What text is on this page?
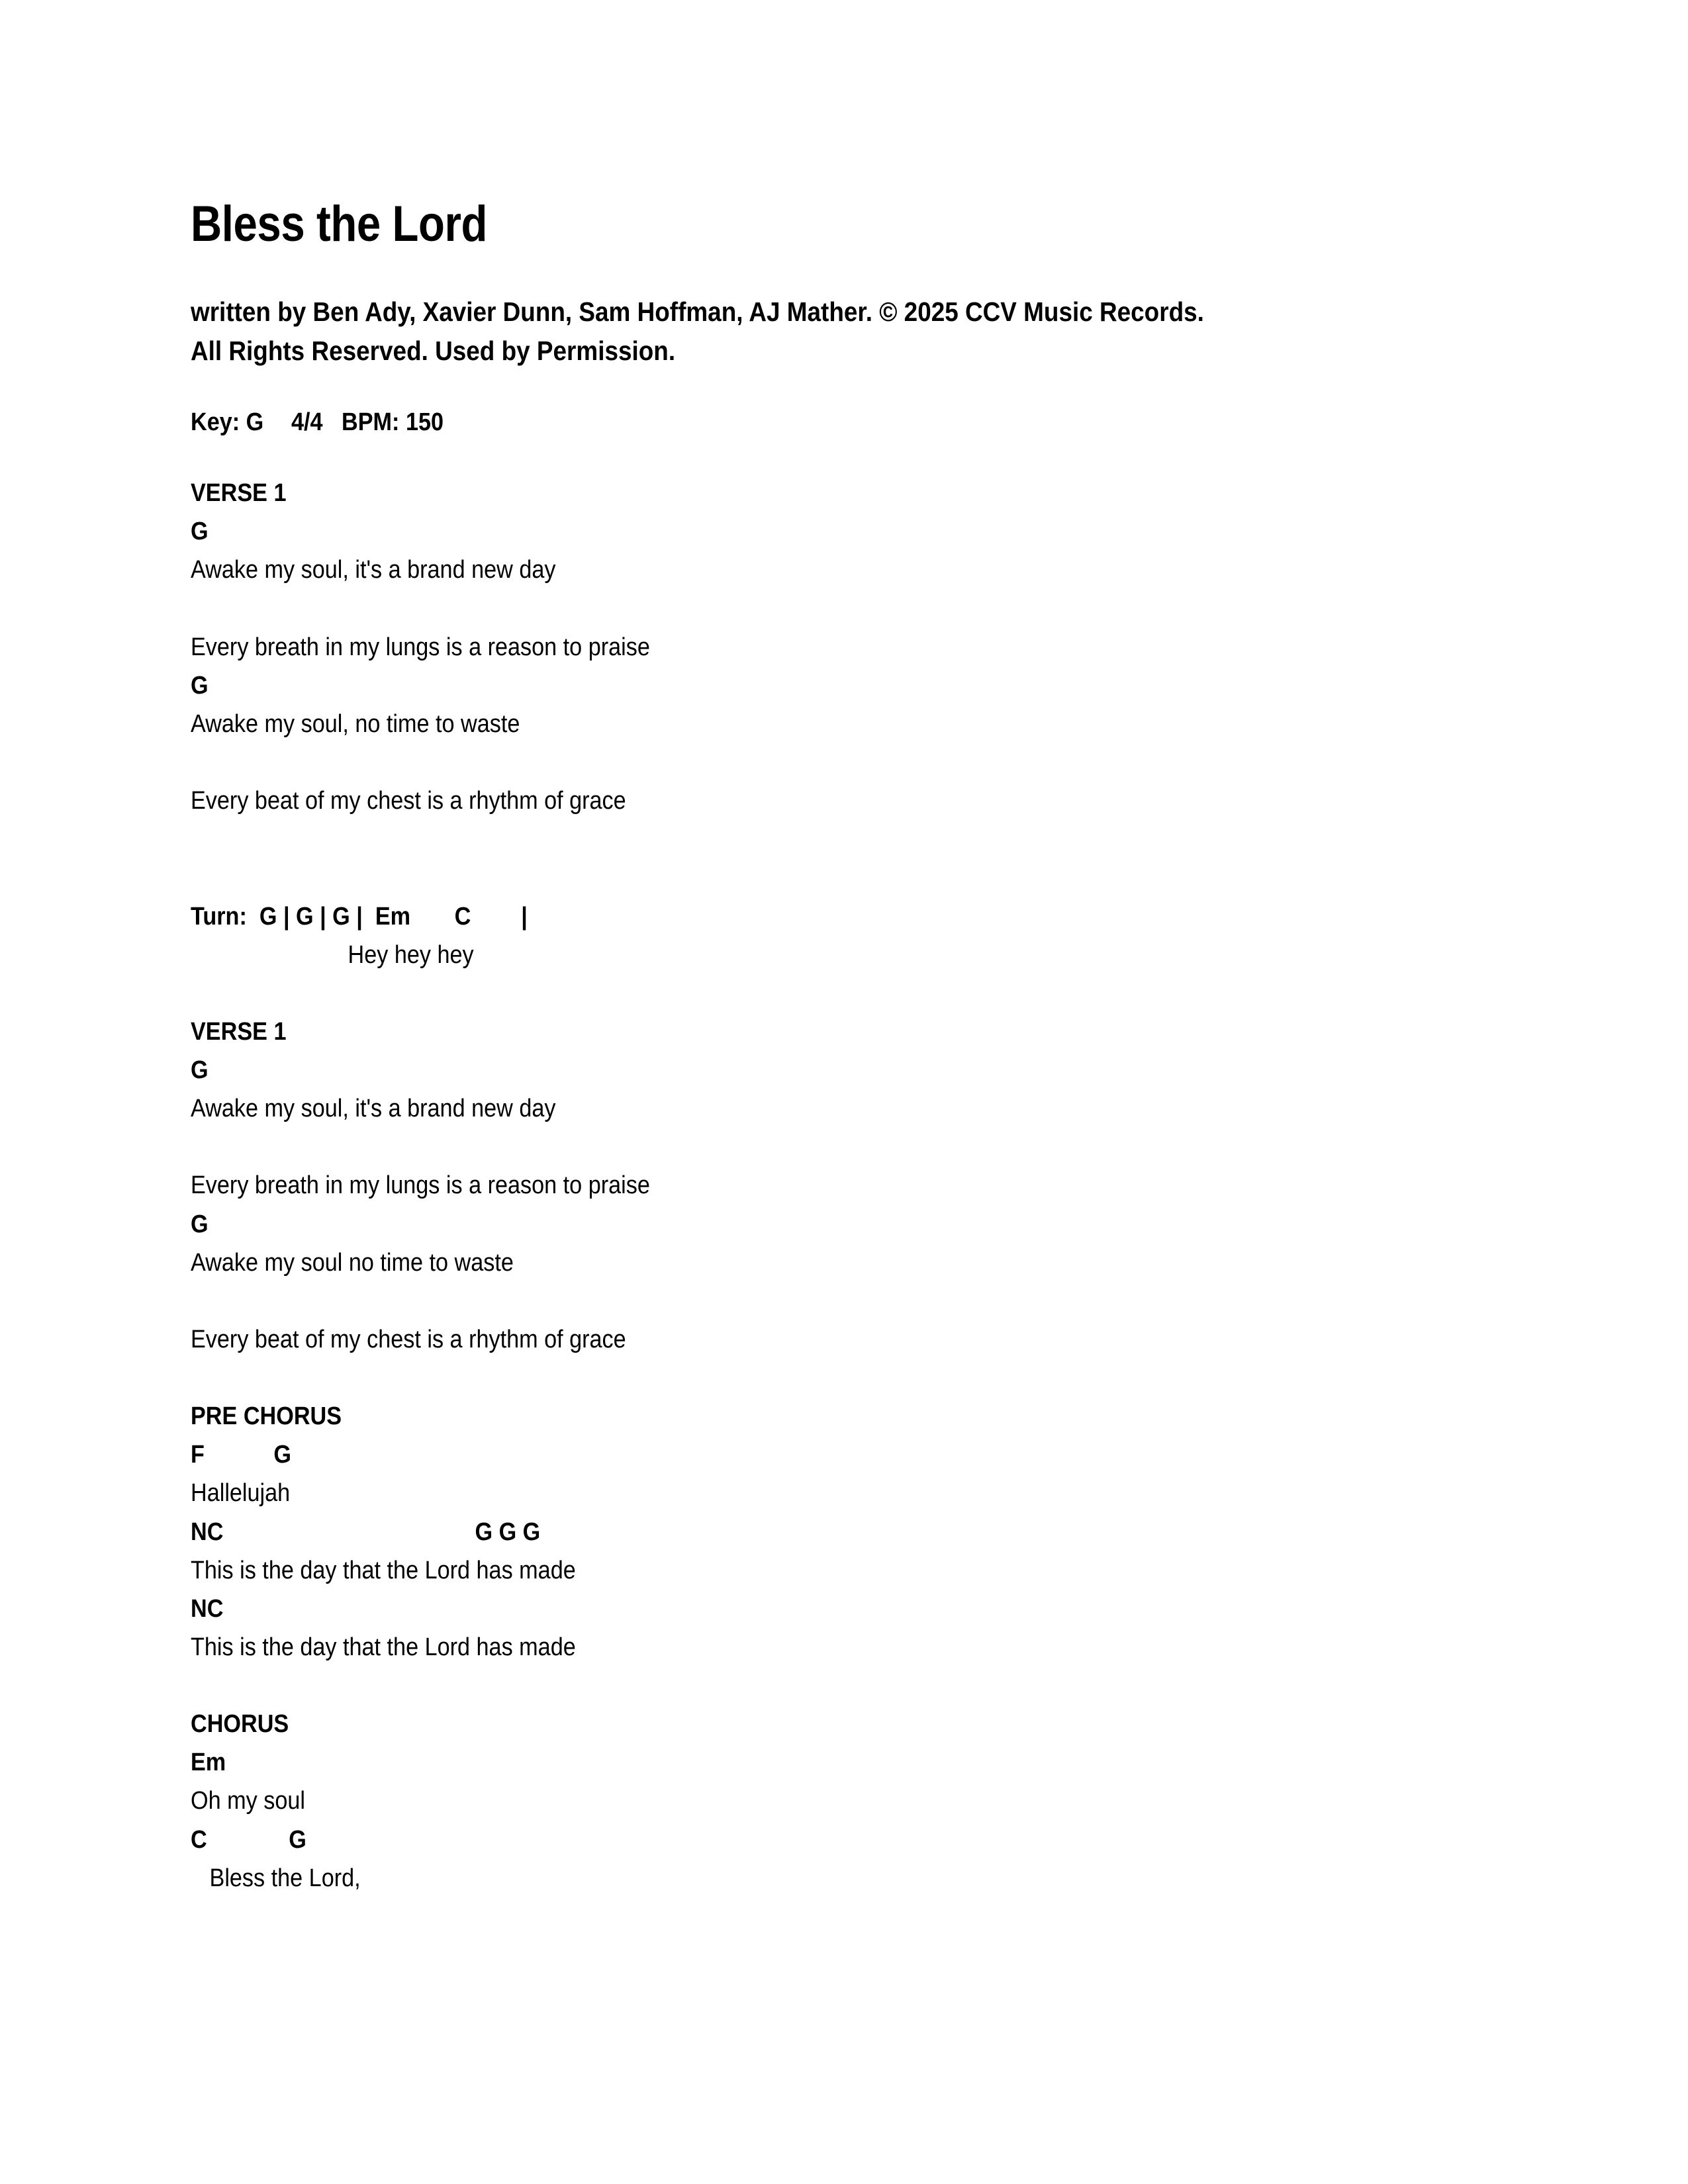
Bless the Lord

written by Ben Ady, Xavier Dunn, Sam Hoffman, AJ Mather. © 2025 CCV Music Records. All Rights Reserved. Used by Permission.

Key: G	4/4	BPM: 150

VERSE 1
G
Awake my soul, it's a brand new day

Every breath in my lungs is a reason to praise
G
Awake my soul, no time to waste

Every beat of my chest is a rhythm of grace

Turn:  G | G | G |  Em       C        |
Hey hey hey

VERSE 1
G
Awake my soul, it's a brand new day

Every breath in my lungs is a reason to praise
G
Awake my soul no time to waste

Every beat of my chest is a rhythm of grace

PRE CHORUS
F           G
Hallelujah
NC                                        G G G
This is the day that the Lord has made
NC
This is the day that the Lord has made

CHORUS
Em
Oh my soul
C             G
Bless the Lord,
